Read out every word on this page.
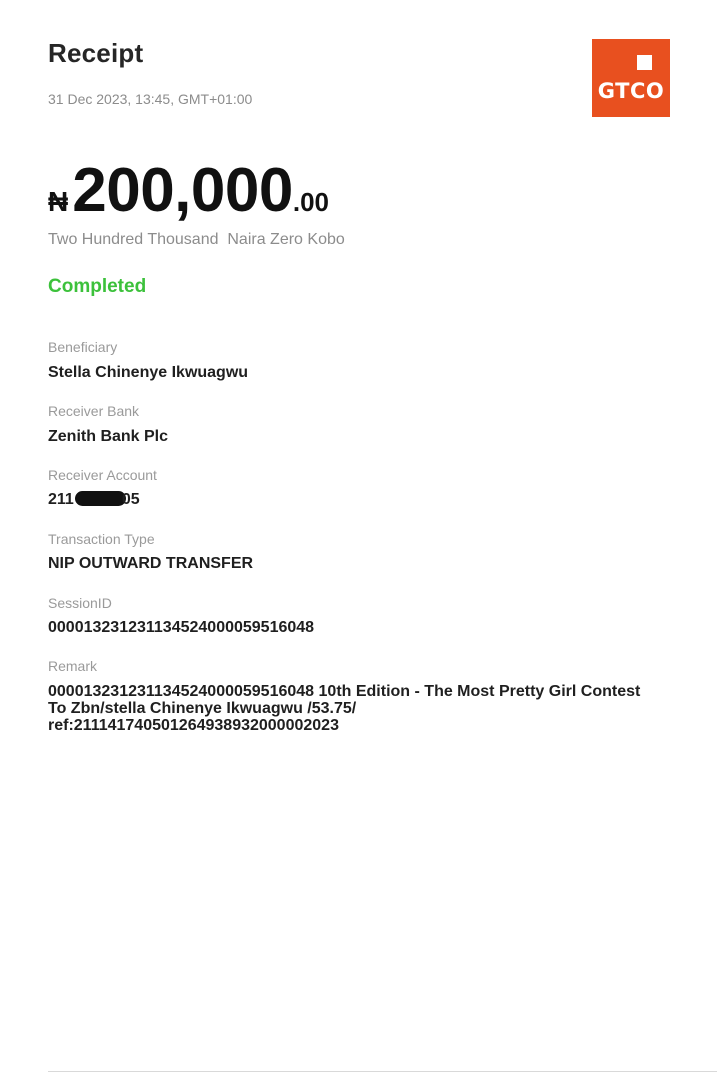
Receipt
31 Dec 2023, 13:45, GMT+01:00	GTCO
₦200,000.00
Two Hundred Thousand  Naira Zero Kobo
Completed
Beneficiary
Stella Chinenye Ikwuagwu
Receiver Bank
Zenith Bank Plc
Receiver Account
211	05
Transaction Type
NIP OUTWARD TRANSFER
SessionID
000013231231134524000059516048
Remark
000013231231134524000059516048 10th Edition - The Most Pretty Girl Contest
To Zbn/stella Chinenye Ikwuagwu /53.75/
ref:211141740501264938932000002023
